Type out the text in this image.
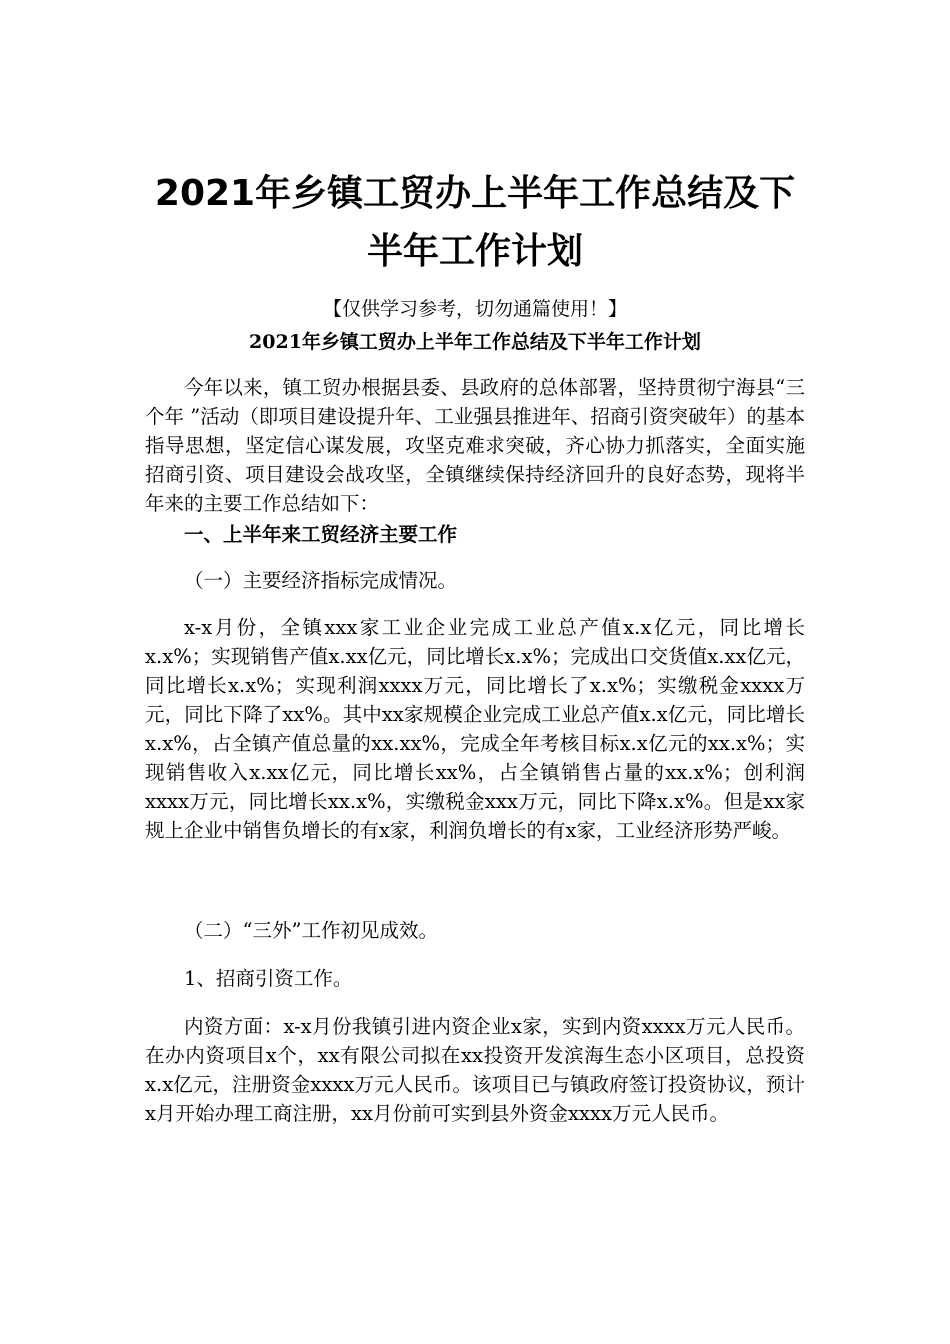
2021年乡镇工贸办上半年工作总结及下半年工作计划
【仅供学习参考，切勿通篇使用！】
2021年乡镇工贸办上半年工作总结及下半年工作计划

今年以来，镇工贸办根据县委、县政府的总体部署，坚持贯彻宁海县“三个年 ”活动（即项目建设提升年、工业强县推进年、招商引资突破年）的基本指导思想，坚定信心谋发展，攻坚克难求突破，齐心协力抓落实，全面实施招商引资、项目建设会战攻坚，全镇继续保持经济回升的良好态势，现将半年来的主要工作总结如下：

一、上半年来工贸经济主要工作

（一）主要经济指标完成情况。

x-x月份，全镇xxx家工业企业完成工业总产值x.x亿元，同比增长x.x%；实现销售产值x.xx亿元，同比增长x.x%；完成出口交货值x.xx亿元，同比增长x.x%；实现利润xxxx万元，同比增长了x.x%；实缴税金xxxx万元，同比下降了xx%。其中xx家规模企业完成工业总产值x.x亿元，同比增长x.x%，占全镇产值总量的xx.xx%，完成全年考核目标x.x亿元的xx.x%；实现销售收入x.xx亿元，同比增长xx%，占全镇销售占量的xx.x%；创利润xxxx万元，同比增长xx.x%，实缴税金xxx万元，同比下降x.x%。但是xx家规上企业中销售负增长的有x家，利润负增长的有x家，工业经济形势严峻。

（二）“三外”工作初见成效。

1、招商引资工作。

内资方面：x-x月份我镇引进内资企业x家，实到内资xxxx万元人民币。在办内资项目x个，xx有限公司拟在xx投资开发滨海生态小区项目，总投资x.x亿元，注册资金xxxx万元人民币。该项目已与镇政府签订投资协议，预计x月开始办理工商注册，xx月份前可实到县外资金xxxx万元人民币。
